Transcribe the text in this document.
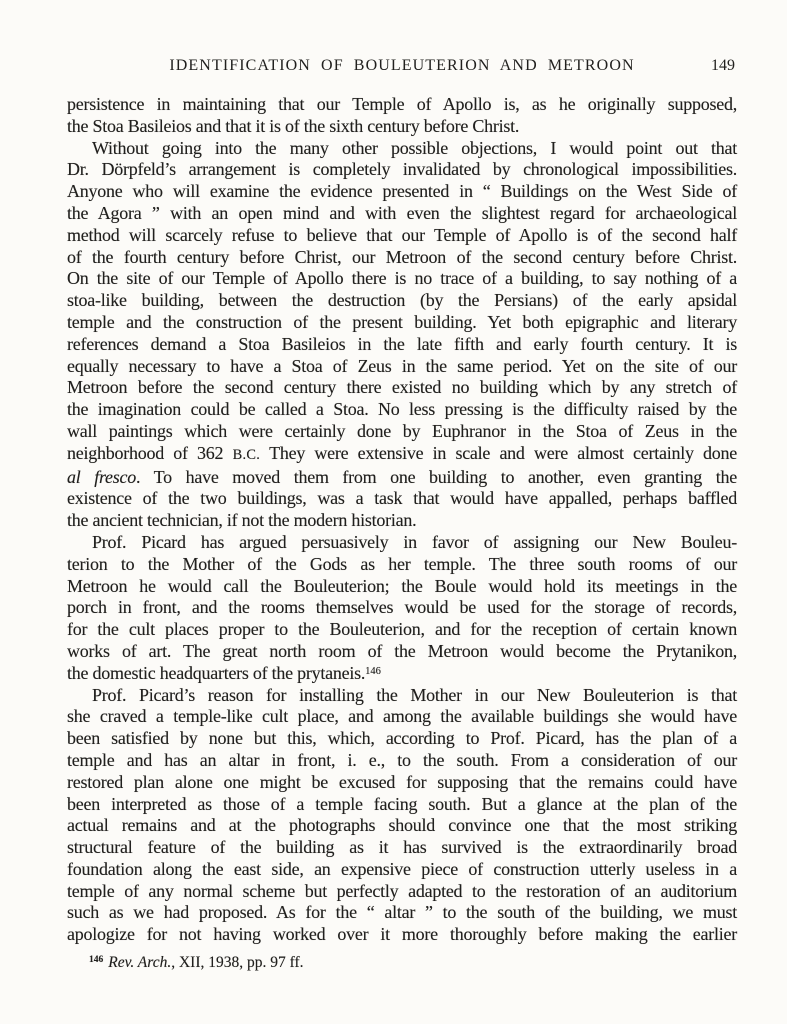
IDENTIFICATION OF BOULEUTERION AND METROON	149
persistence in maintaining that our Temple of Apollo is, as he originally supposed,
the Stoa Basileios and that it is of the sixth century before Christ.
Without going into the many other possible objections, I would point out that
Dr. Dörpfeld’s arrangement is completely invalidated by chronological impossibilities.
Anyone who will examine the evidence presented in “ Buildings on the West Side of
the Agora ” with an open mind and with even the slightest regard for archaeological
method will scarcely refuse to believe that our Temple of Apollo is of the second half
of the fourth century before Christ, our Metroon of the second century before Christ.
On the site of our Temple of Apollo there is no trace of a building, to say nothing of a
stoa-like building, between the destruction (by the Persians) of the early apsidal
temple and the construction of the present building. Yet both epigraphic and literary
references demand a Stoa Basileios in the late fifth and early fourth century. It is
equally necessary to have a Stoa of Zeus in the same period. Yet on the site of our
Metroon before the second century there existed no building which by any stretch of
the imagination could be called a Stoa. No less pressing is the difficulty raised by the
wall paintings which were certainly done by Euphranor in the Stoa of Zeus in the
neighborhood of 362 B.C. They were extensive in scale and were almost certainly done
al fresco. To have moved them from one building to another, even granting the
existence of the two buildings, was a task that would have appalled, perhaps baffled
the ancient technician, if not the modern historian.
Prof. Picard has argued persuasively in favor of assigning our New Bouleu-
terion to the Mother of the Gods as her temple. The three south rooms of our
Metroon he would call the Bouleuterion; the Boule would hold its meetings in the
porch in front, and the rooms themselves would be used for the storage of records,
for the cult places proper to the Bouleuterion, and for the reception of certain known
works of art. The great north room of the Metroon would become the Prytanikon,
the domestic headquarters of the prytaneis.$^{146}$
Prof. Picard’s reason for installing the Mother in our New Bouleuterion is that
she craved a temple-like cult place, and among the available buildings she would have
been satisfied by none but this, which, according to Prof. Picard, has the plan of a
temple and has an altar in front, i. e., to the south. From a consideration of our
restored plan alone one might be excused for supposing that the remains could have
been interpreted as those of a temple facing south. But a glance at the plan of the
actual remains and at the photographs should convince one that the most striking
structural feature of the building as it has survived is the extraordinarily broad
foundation along the east side, an expensive piece of construction utterly useless in a
temple of any normal scheme but perfectly adapted to the restoration of an auditorium
such as we had proposed. As for the “ altar ” to the south of the building, we must
apologize for not having worked over it more thoroughly before making the earlier
$^{146}$ Rev. Arch., XII, 1938, pp. 97 ff.
